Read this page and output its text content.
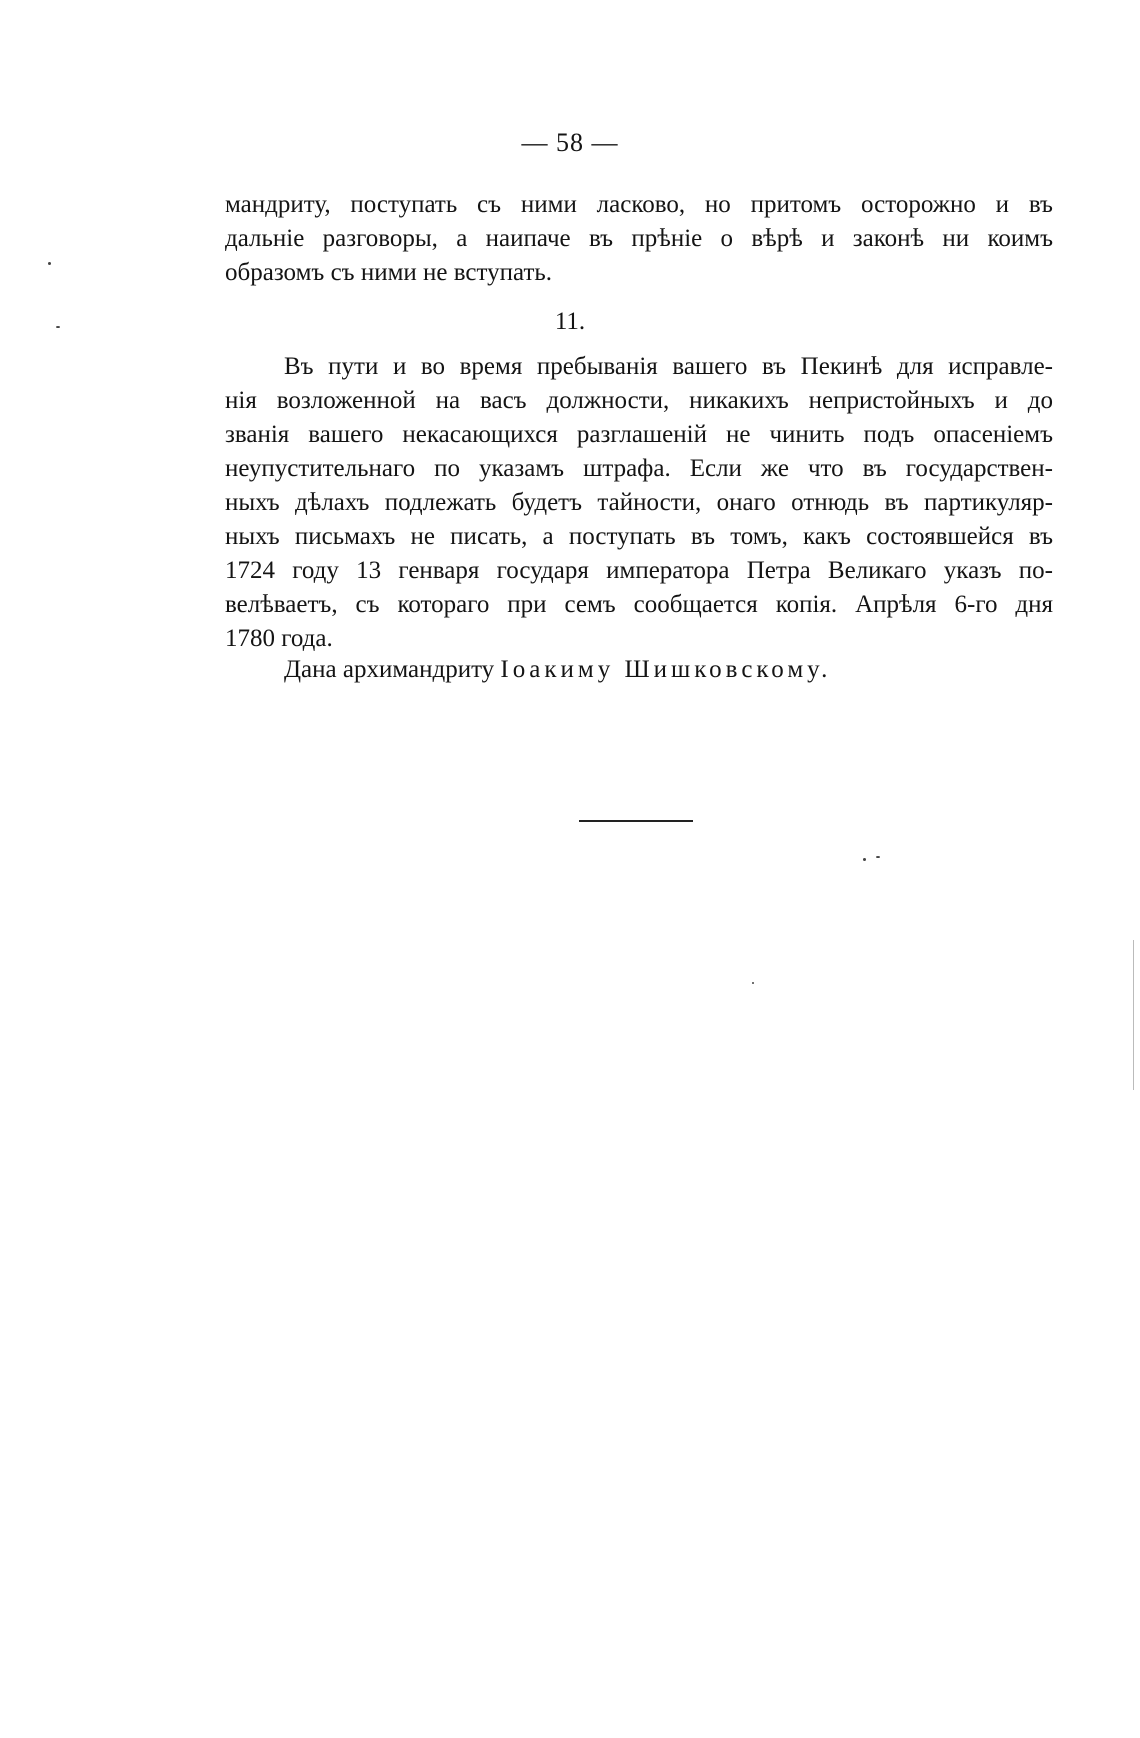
— 58 —
мандриту, поступать съ ними ласково, но притомъ осторожно и въ
дальніе разговоры, а наипаче въ прѣніе о вѣрѣ и законѣ ни коимъ
образомъ съ ними не вступать.
11.
Въ пути и во время пребыванія вашего въ Пекинѣ для исправле-
нія возложенной на васъ должности, никакихъ непристойныхъ и до
званія вашего некасающихся разглашеній не чинить подъ опасеніемъ
неупустительнаго по указамъ штрафа. Если же что въ государствен-
ныхъ дѣлахъ подлежать будетъ тайности, онаго отнюдь въ партикуляр-
ныхъ письмахъ не писать, а поступать въ томъ, какъ состоявшейся въ
1724 году 13 генваря государя императора Петра Великаго указъ по-
велѣваетъ, съ котораго при семъ сообщается копія. Апрѣля 6-го дня
1780 года.
Дана архимандриту Іоакиму Шишковскому.
